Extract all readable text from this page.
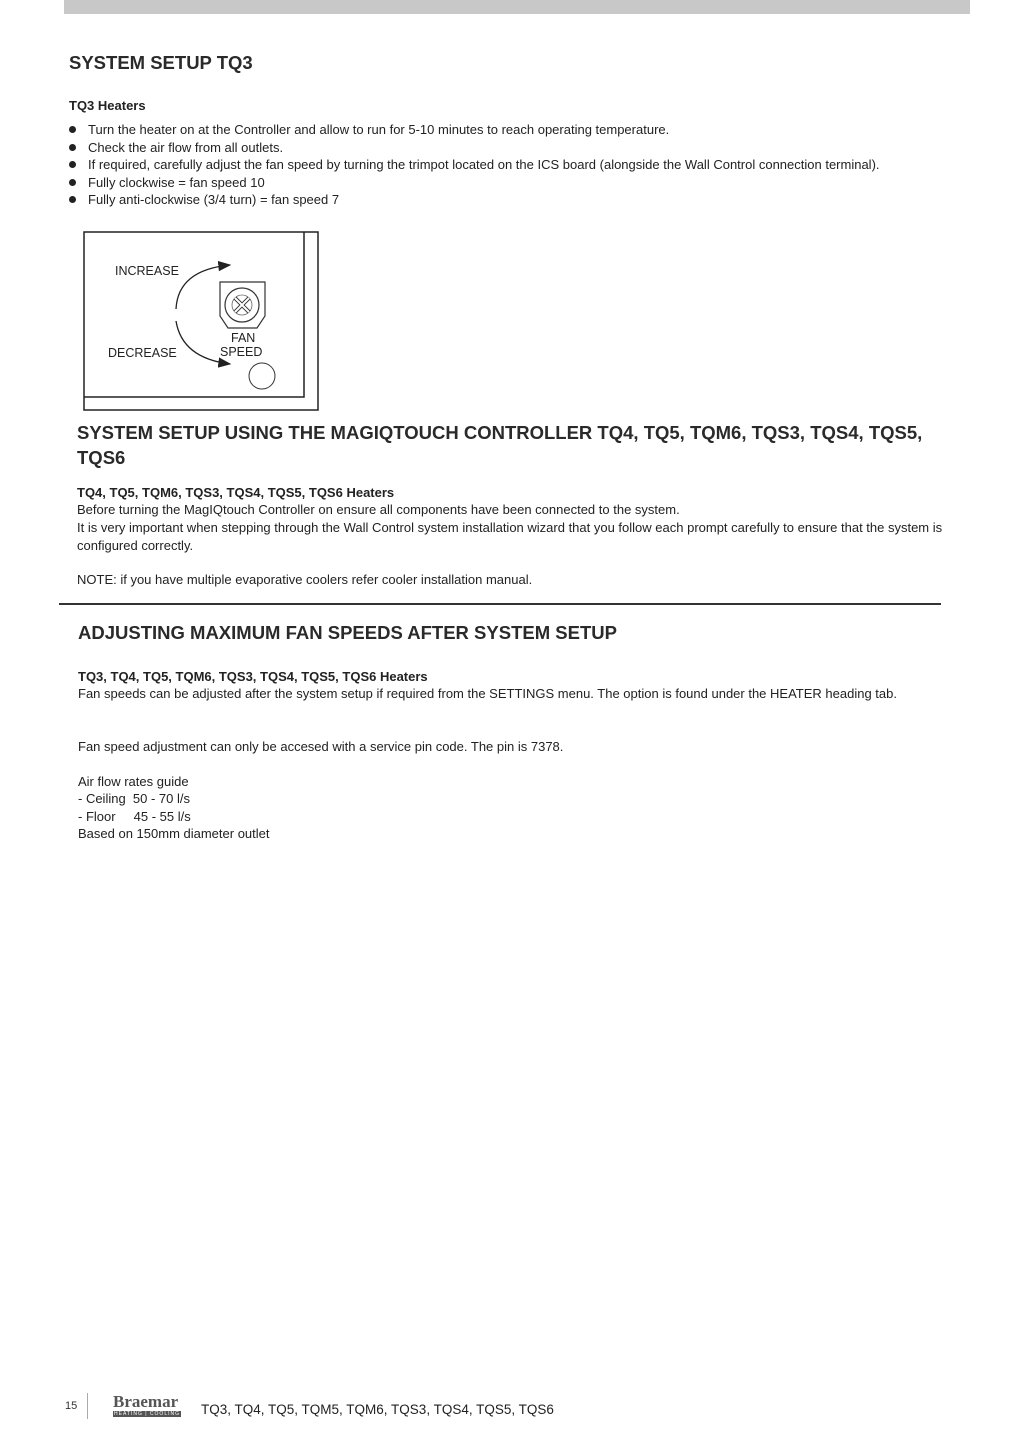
SYSTEM SETUP TQ3
TQ3 Heaters
Turn the heater on at the Controller and allow to run for 5-10 minutes to reach operating temperature.
Check the air flow from all outlets.
If required, carefully adjust the fan speed by turning the trimpot located on the ICS board (alongside the Wall Control connection terminal).
Fully clockwise = fan speed 10
Fully anti-clockwise (3/4 turn) = fan speed 7
INCREASE
DECREASE
FAN
SPEED
SYSTEM SETUP USING THE MAGIQTOUCH CONTROLLER TQ4, TQ5, TQM6, TQS3, TQS4, TQS5, TQS6
TQ4, TQ5, TQM6, TQS3, TQS4, TQS5, TQS6 Heaters
Before turning the MagIQtouch Controller on ensure all components have been connected to the system.
It is very important when stepping through the Wall Control system installation wizard that you follow each prompt carefully to ensure that the system is configured correctly.
NOTE: if you have multiple evaporative coolers refer cooler installation manual.
ADJUSTING MAXIMUM FAN SPEEDS AFTER SYSTEM SETUP
TQ3, TQ4, TQ5, TQM6, TQS3, TQS4, TQS5, TQS6 Heaters
Fan speeds can be adjusted after the system setup if required from the SETTINGS menu. The option is found under the HEATER heading tab.
Fan speed adjustment can only be accesed with a service pin code. The pin is 7378.
Air flow rates guide
- Ceiling  50 - 70 l/s
- Floor     45 - 55 l/s
Based on 150mm diameter outlet
15 Braemar
HEATING | COOLING TQ3, TQ4, TQ5, TQM5, TQM6, TQS3, TQS4, TQS5, TQS6
